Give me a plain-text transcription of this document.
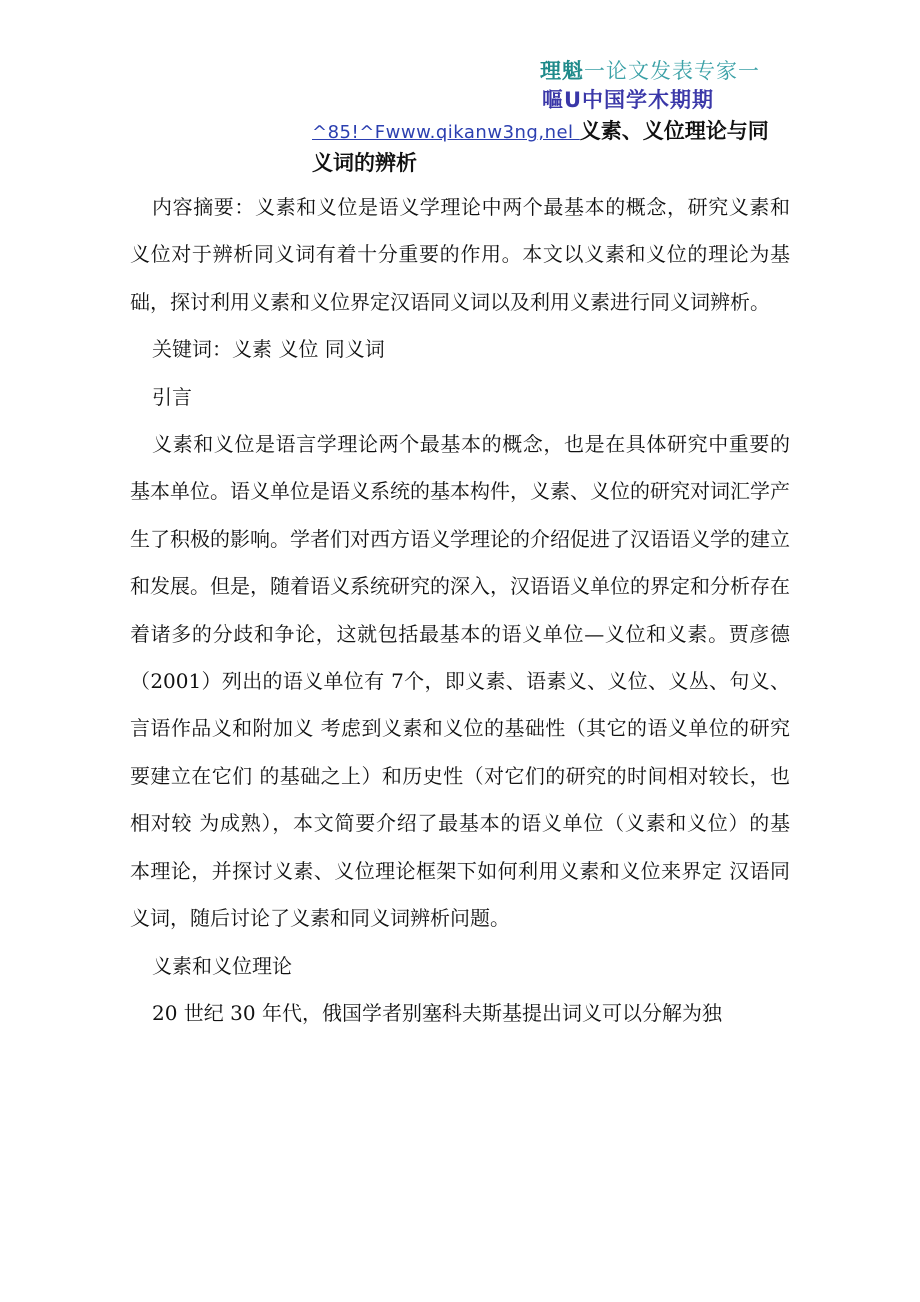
理魁一论文发表专家一
嘔U中国学木期期
^85!^Fwww.qikanw3ng,nel 义素、义位理论与同义词的辨析

内容摘要：义素和义位是语义学理论中两个最基本的概念，研究义素和义位对于辨析同义词有着十分重要的作用。本文以义素和义位的理论为基础，探讨利用义素和义位界定汉语同义词以及利用义素进行同义词辨析。

关键词：义素 义位 同义词

引言

义素和义位是语言学理论两个最基本的概念，也是在具体研究中重要的基本单位。语义单位是语义系统的基本构件，义素、义位的研究对词汇学产生了积极的影响。学者们对西方语义学理论的介绍促进了汉语语义学的建立和发展。但是，随着语义系统研究的深入，汉语语义单位的界定和分析存在着诸多的分歧和争论，这就包括最基本的语义单位—义位和义素。贾彦德（2001）列出的语义单位有 7个，即义素、语素义、义位、义丛、句义、言语作品义和附加义 考虑到义素和义位的基础性（其它的语义单位的研究要建立在它们 的基础之上）和历史性（对它们的研究的时间相对较长，也相对较 为成熟），本文简要介绍了最基本的语义单位（义素和义位）的基 本理论，并探讨义素、义位理论框架下如何利用义素和义位来界定 汉语同义词，随后讨论了义素和同义词辨析问题。

义素和义位理论

20 世纪 30 年代，俄国学者别塞科夫斯基提出词义可以分解为独
